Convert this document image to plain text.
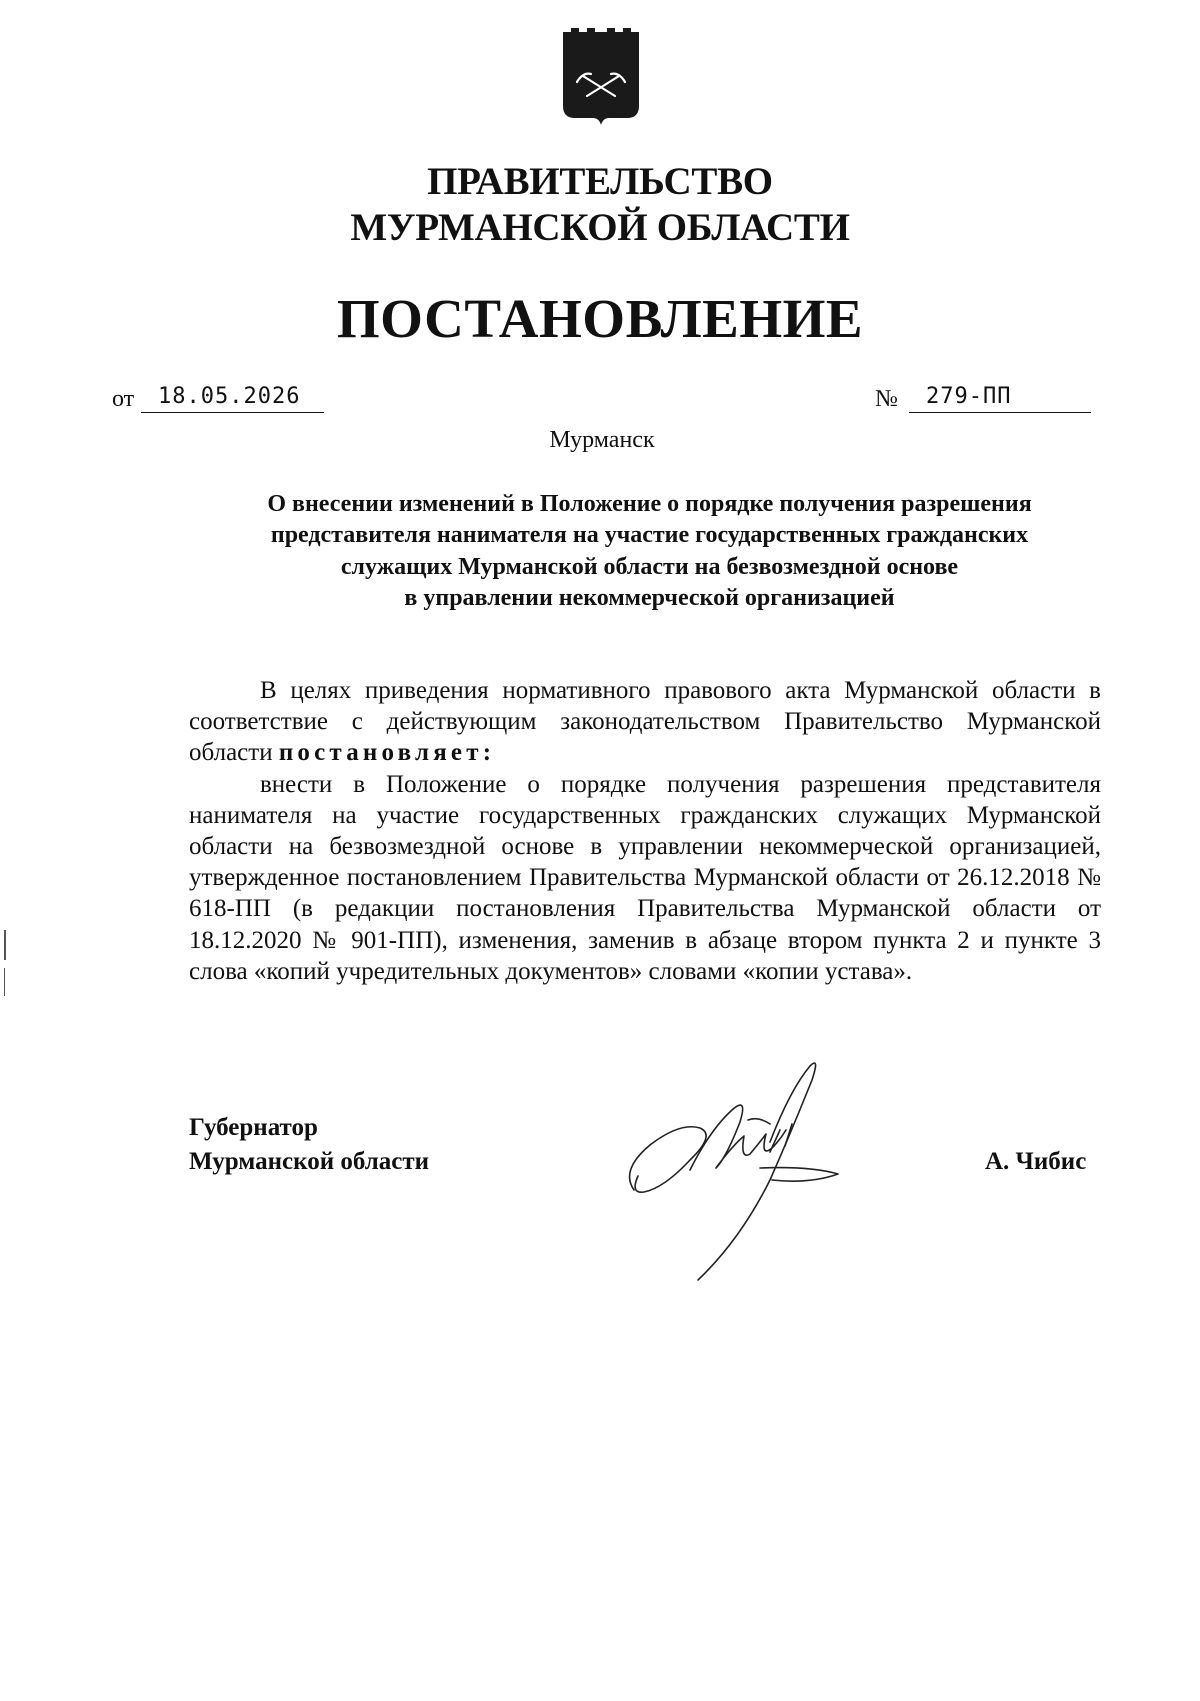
ПРАВИТЕЛЬСТВО
МУРМАНСКОЙ ОБЛАСТИ
ПОСТАНОВЛЕНИЕ
от	18.05.2026	№	279-ПП
Мурманск
О внесении изменений в Положение о порядке получения разрешения
представителя нанимателя на участие государственных гражданских
служащих Мурманской области на безвозмездной основе
в управлении некоммерческой организацией

В целях приведения нормативного правового акта Мурманской области в соответствие с действующим законодательством Правительство Мурманской области постановляет:

внести в Положение о порядке получения разрешения представителя нанимателя на участие государственных гражданских служащих Мурманской области на безвозмездной основе в управлении некоммерческой организацией, утвержденное постановлением Правительства Мурманской области от 26.12.2018 № 618-ПП (в редакции постановления Правительства Мурманской области от 18.12.2020 № 901-ПП), изменения, заменив в абзаце втором пункта 2 и пункте 3 слова «копий учредительных документов» словами «копии устава».

Губернатор
Мурманской области	А. Чибис
